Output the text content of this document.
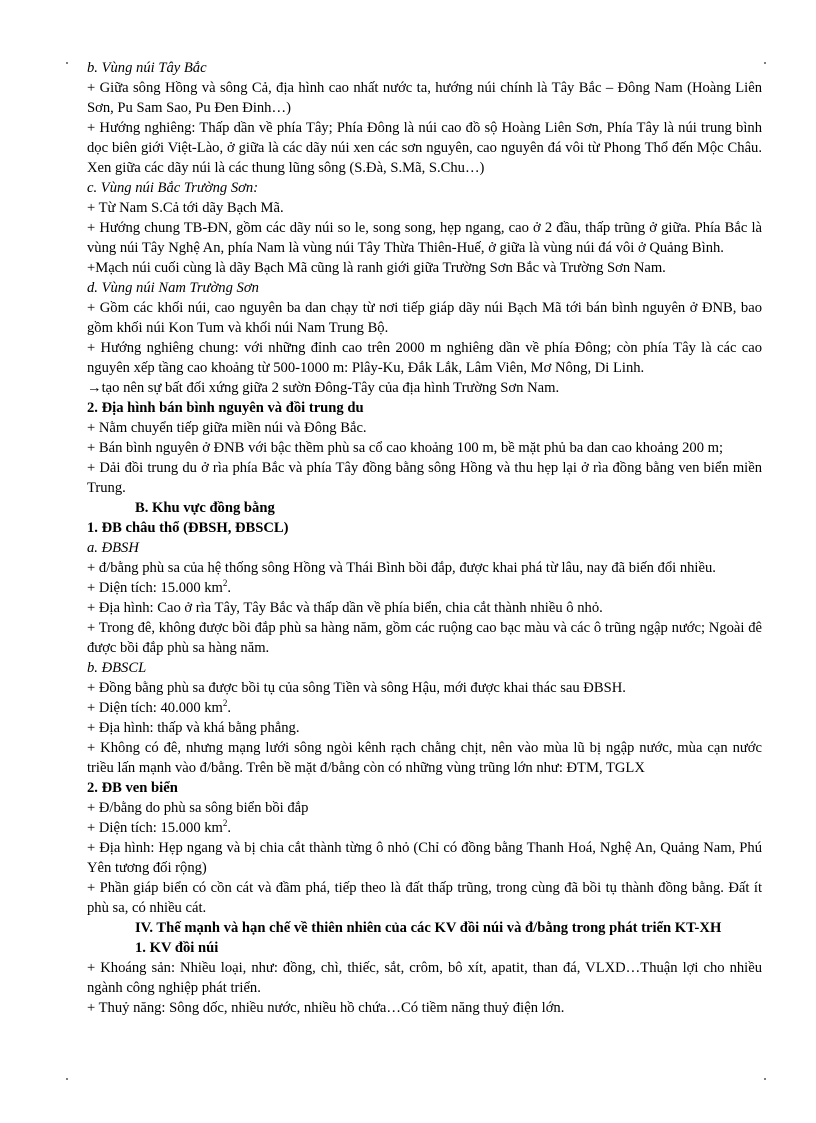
b. Vùng núi Tây Bắc

+ Giữa sông Hồng và sông Cả, địa hình cao nhất nước ta, hướng núi chính là Tây Bắc – Đông Nam (Hoàng Liên Sơn, Pu Sam Sao, Pu Đen Đinh…)

+ Hướng nghiêng: Thấp dần về phía Tây; Phía Đông là núi cao đồ sộ Hoàng Liên Sơn, Phía Tây là núi trung bình dọc biên giới Việt-Lào, ở giữa là các dãy núi xen các sơn nguyên, cao nguyên đá vôi từ Phong Thổ đến Mộc Châu. Xen giữa các dãy núi là các thung lũng sông (S.Đà, S.Mã, S.Chu…)

c. Vùng núi Bắc Trường Sơn:

+ Từ Nam S.Cả tới dãy Bạch Mã.

+ Hướng chung TB-ĐN, gồm các dãy núi so le, song song, hẹp ngang, cao ở 2 đầu, thấp trũng ở giữa. Phía Bắc là vùng núi Tây Nghệ An, phía Nam là vùng núi Tây Thừa Thiên-Huế, ở giữa là vùng núi đá vôi ở Quảng Bình.

+Mạch núi cuối cùng là dãy Bạch Mã cũng là ranh giới giữa Trường Sơn Bắc và Trường Sơn Nam.

d. Vùng núi Nam Trường Sơn

+ Gồm các khối núi, cao nguyên ba dan chạy từ nơi tiếp giáp dãy núi Bạch Mã tới bán bình nguyên ở ĐNB, bao gồm khối núi Kon Tum và khối núi Nam Trung Bộ.

+ Hướng nghiêng chung: với những đỉnh cao trên 2000 m nghiêng dần về phía Đông; còn phía Tây là các cao nguyên xếp tầng cao khoảng từ 500-1000 m: Plây-Ku, Đắk Lắk, Lâm Viên, Mơ Nông, Di Linh.

→tạo nên sự bất đối xứng giữa 2 sườn Đông-Tây của địa hình Trường Sơn Nam.

2. Địa hình bán bình nguyên và đồi trung du

+ Nằm chuyển tiếp giữa miền núi và Đông Bắc.

+ Bán bình nguyên ở ĐNB với bậc thềm phù sa cổ cao khoảng 100 m, bề mặt phủ ba dan cao khoảng 200 m;

+ Dải đồi trung du ở rìa phía Bắc và phía Tây đồng bằng sông Hồng và thu hẹp lại ở rìa đồng bằng ven biển miền Trung.

B. Khu vực đồng bằng

1. ĐB châu thổ (ĐBSH, ĐBSCL)

a. ĐBSH

+ đ/bằng phù sa của hệ thống sông Hồng và Thái Bình bồi đắp, được khai phá từ lâu, nay đã biến đổi nhiều.

+ Diện tích: 15.000 $km^2$.

+ Địa hình: Cao ở rìa Tây, Tây Bắc và thấp dần về phía biển, chia cắt thành nhiều ô nhỏ.

+ Trong đê, không được bồi đắp phù sa hàng năm, gồm các ruộng cao bạc màu và các ô trũng ngập nước; Ngoài đê được bồi đắp phù sa hàng năm.

b. ĐBSCL

+ Đồng bằng phù sa được bồi tụ của sông Tiền và sông Hậu, mới được khai thác sau ĐBSH.

+ Diện tích: 40.000 $km^2$.

+ Địa hình: thấp và khá bằng phẳng.

+ Không có đê, nhưng mạng lưới sông ngòi kênh rạch chằng chịt, nên vào mùa lũ bị ngập nước, mùa cạn nước triều lấn mạnh vào đ/bằng. Trên bề mặt đ/bằng còn có những vùng trũng lớn như: ĐTM, TGLX

2. ĐB ven biển

+ Đ/bằng do phù sa sông biển bồi đắp

+ Diện tích: 15.000 $km^2$.

+ Địa hình: Hẹp ngang và bị chia cắt thành từng ô nhỏ (Chỉ có đồng bằng Thanh Hoá, Nghệ An, Quảng Nam, Phú Yên tương đối rộng)

+ Phần giáp biển có cồn cát và đầm phá, tiếp theo là đất thấp trũng, trong cùng đã bồi tụ thành đồng bằng. Đất ít phù sa, có nhiều cát.

IV. Thế mạnh và hạn chế về thiên nhiên của các KV đồi núi và đ/bằng trong phát triển KT-XH

1. KV đồi núi

+ Khoáng sản: Nhiều loại, như: đồng, chì, thiếc, sắt, crôm, bô xít, apatit, than đá, VLXD…Thuận lợi cho nhiều ngành công nghiệp phát triển.

+ Thuỷ năng: Sông dốc, nhiều nước, nhiều hồ chứa…Có tiềm năng thuỷ điện lớn.
